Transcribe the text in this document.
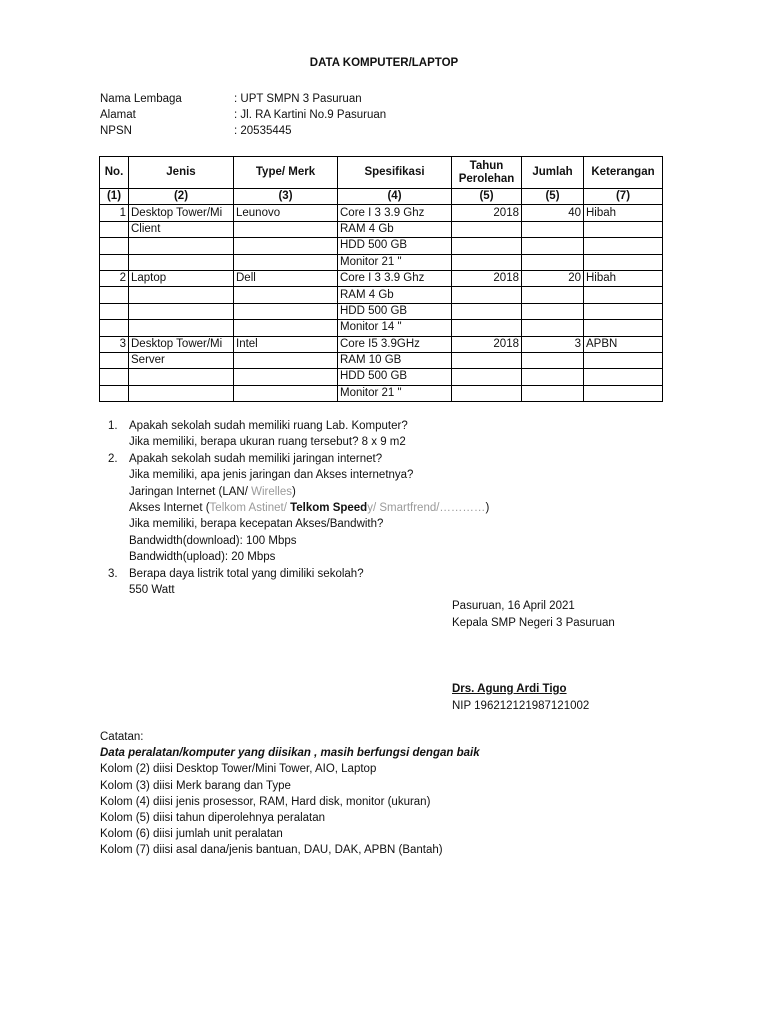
DATA KOMPUTER/LAPTOP
Nama Lembaga	: UPT SMPN 3 Pasuruan
Alamat	: Jl. RA Kartini No.9 Pasuruan
NPSN	: 20535445
No.	Jenis	Type/ Merk	Spesifikasi	Tahun Perolehan	Jumlah	Keterangan
(1)	(2)	(3)	(4)	(5)	(5)	(7)
1	Desktop Tower/Mi	Leunovo	Core I 3 3.9 Ghz	2018	40	Hibah
	Client		RAM 4 Gb			
			HDD 500 GB			
			Monitor 21 "			
2	Laptop	Dell	Core I 3 3.9 Ghz	2018	20	Hibah
			RAM 4 Gb			
			HDD 500 GB			
			Monitor 14 "			
3	Desktop Tower/Mi	Intel	Core I5 3.9GHz	2018	3	APBN
	Server		RAM 10 GB			
			HDD 500 GB			
			Monitor 21 "			
1. Apakah sekolah sudah memiliki ruang Lab. Komputer?
Jika memiliki, berapa ukuran ruang tersebut? 8 x 9 m2
2. Apakah sekolah sudah memiliki jaringan internet?
Jika memiliki, apa jenis jaringan dan Akses internetnya?
Jaringan Internet (LAN/ Wirelles)
Akses Internet (Telkom Astinet/ Telkom Speedy/ Smartfrend/…………)
Jika memiliki, berapa kecepatan Akses/Bandwith?
Bandwidth(download): 100 Mbps
Bandwidth(upload): 20 Mbps
3. Berapa daya listrik total yang dimiliki sekolah?
550 Watt
Pasuruan, 16 April 2021
Kepala SMP Negeri 3 Pasuruan
Drs. Agung Ardi Tigo
NIP 196212121987121002
Catatan:
Data peralatan/komputer yang diisikan , masih berfungsi dengan baik
Kolom (2) diisi Desktop Tower/Mini Tower, AIO, Laptop
Kolom (3) diisi Merk barang dan Type
Kolom (4) diisi jenis prosessor, RAM, Hard disk, monitor (ukuran)
Kolom (5) diisi tahun diperolehnya peralatan
Kolom (6) diisi jumlah unit peralatan
Kolom (7) diisi asal dana/jenis bantuan, DAU, DAK, APBN (Bantah)
